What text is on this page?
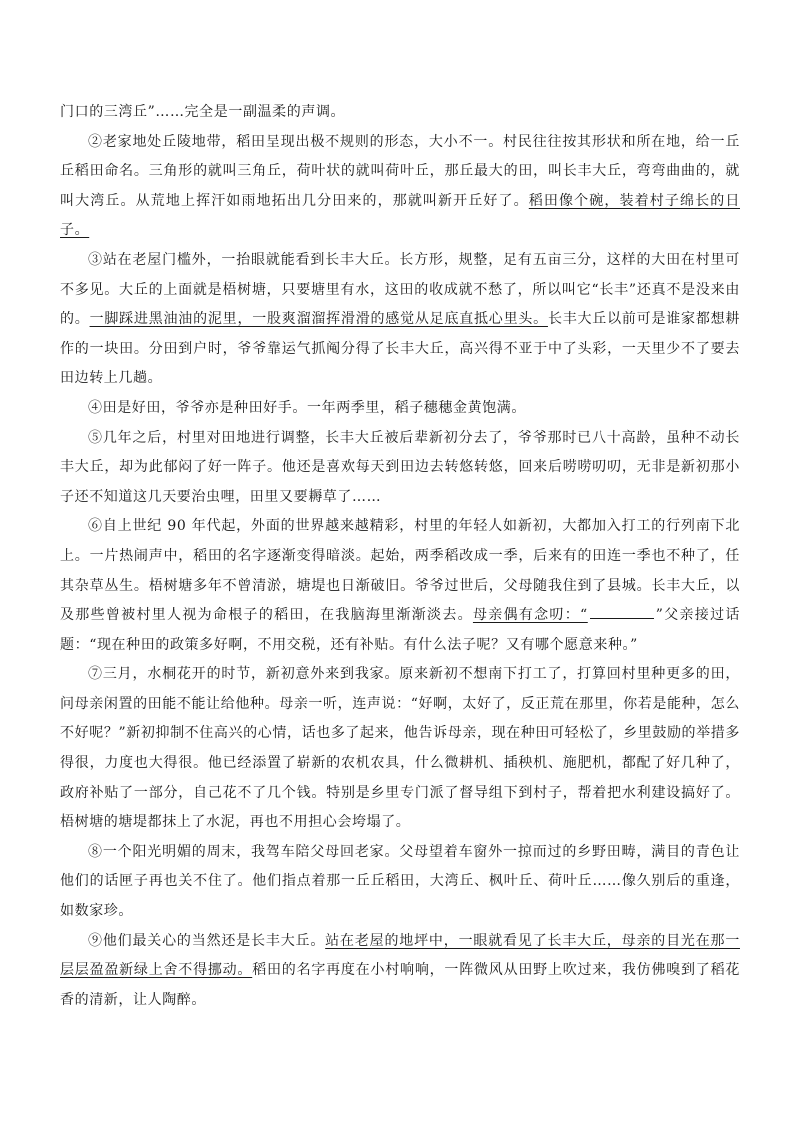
门口的三湾丘”……完全是一副温柔的声调。

②老家地处丘陵地带，稻田呈现出极不规则的形态，大小不一。村民往往按其形状和所在地，给一丘丘稻田命名。三角形的就叫三角丘，荷叶状的就叫荷叶丘，那丘最大的田，叫长丰大丘，弯弯曲曲的，就叫大湾丘。从荒地上挥汗如雨地拓出几分田来的，那就叫新开丘好了。稻田像个碗，装着村子绵长的日子。

③站在老屋门槛外，一抬眼就能看到长丰大丘。长方形，规整，足有五亩三分，这样的大田在村里可不多见。大丘的上面就是梧树塘，只要塘里有水，这田的收成就不愁了，所以叫它“长丰”还真不是没来由的。一脚踩进黑油油的泥里，一股爽溜溜挥滑滑的感觉从足底直抵心里头。长丰大丘以前可是谁家都想耕作的一块田。分田到户时，爷爷靠运气抓阄分得了长丰大丘，高兴得不亚于中了头彩，一天里少不了要去田边转上几趟。

④田是好田，爷爷亦是种田好手。一年两季里，稻子穗穗金黄饱满。

⑤几年之后，村里对田地进行调整，长丰大丘被后辈新初分去了，爷爷那时已八十高龄，虽种不动长丰大丘，却为此郁闷了好一阵子。他还是喜欢每天到田边去转悠转悠，回来后唠唠叨叨，无非是新初那小子还不知道这几天要治虫哩，田里又要耨草了……

⑥自上世纪 90 年代起，外面的世界越来越精彩，村里的年轻人如新初，大都加入打工的行列南下北上。一片热闹声中，稻田的名字逐渐变得暗淡。起始，两季稻改成一季，后来有的田连一季也不种了，任其杂草丛生。梧树塘多年不曾清淤，塘堤也日渐破旧。爷爷过世后，父母随我住到了县城。长丰大丘，以及那些曾被村里人视为命根子的稻田，在我脑海里渐渐淡去。母亲偶有念叨：“	”父亲接过话题：“现在种田的政策多好啊，不用交税，还有补贴。有什么法子呢？又有哪个愿意来种。”

⑦三月，水桐花开的时节，新初意外来到我家。原来新初不想南下打工了，打算回村里种更多的田，问母亲闲置的田能不能让给他种。母亲一听，连声说：“好啊，太好了，反正荒在那里，你若是能种，怎么不好呢？”新初抑制不住高兴的心情，话也多了起来，他告诉母亲，现在种田可轻松了，乡里鼓励的举措多得很，力度也大得很。他已经添置了崭新的农机农具，什么微耕机、插秧机、施肥机，都配了好几种了，政府补贴了一部分，自己花不了几个钱。特别是乡里专门派了督导组下到村子，帮着把水利建设搞好了。梧树塘的塘堤都抹上了水泥，再也不用担心会垮塌了。

⑧一个阳光明媚的周末，我驾车陪父母回老家。父母望着车窗外一掠而过的乡野田畴，满目的青色让他们的话匣子再也关不住了。他们指点着那一丘丘稻田，大湾丘、枫叶丘、荷叶丘……像久别后的重逢，如数家珍。

⑨他们最关心的当然还是长丰大丘。站在老屋的地坪中，一眼就看见了长丰大丘，母亲的目光在那一层层盈盈新绿上舍不得挪动。稻田的名字再度在小村响响，一阵微风从田野上吹过来，我仿佛嗅到了稻花香的清新，让人陶醉。
